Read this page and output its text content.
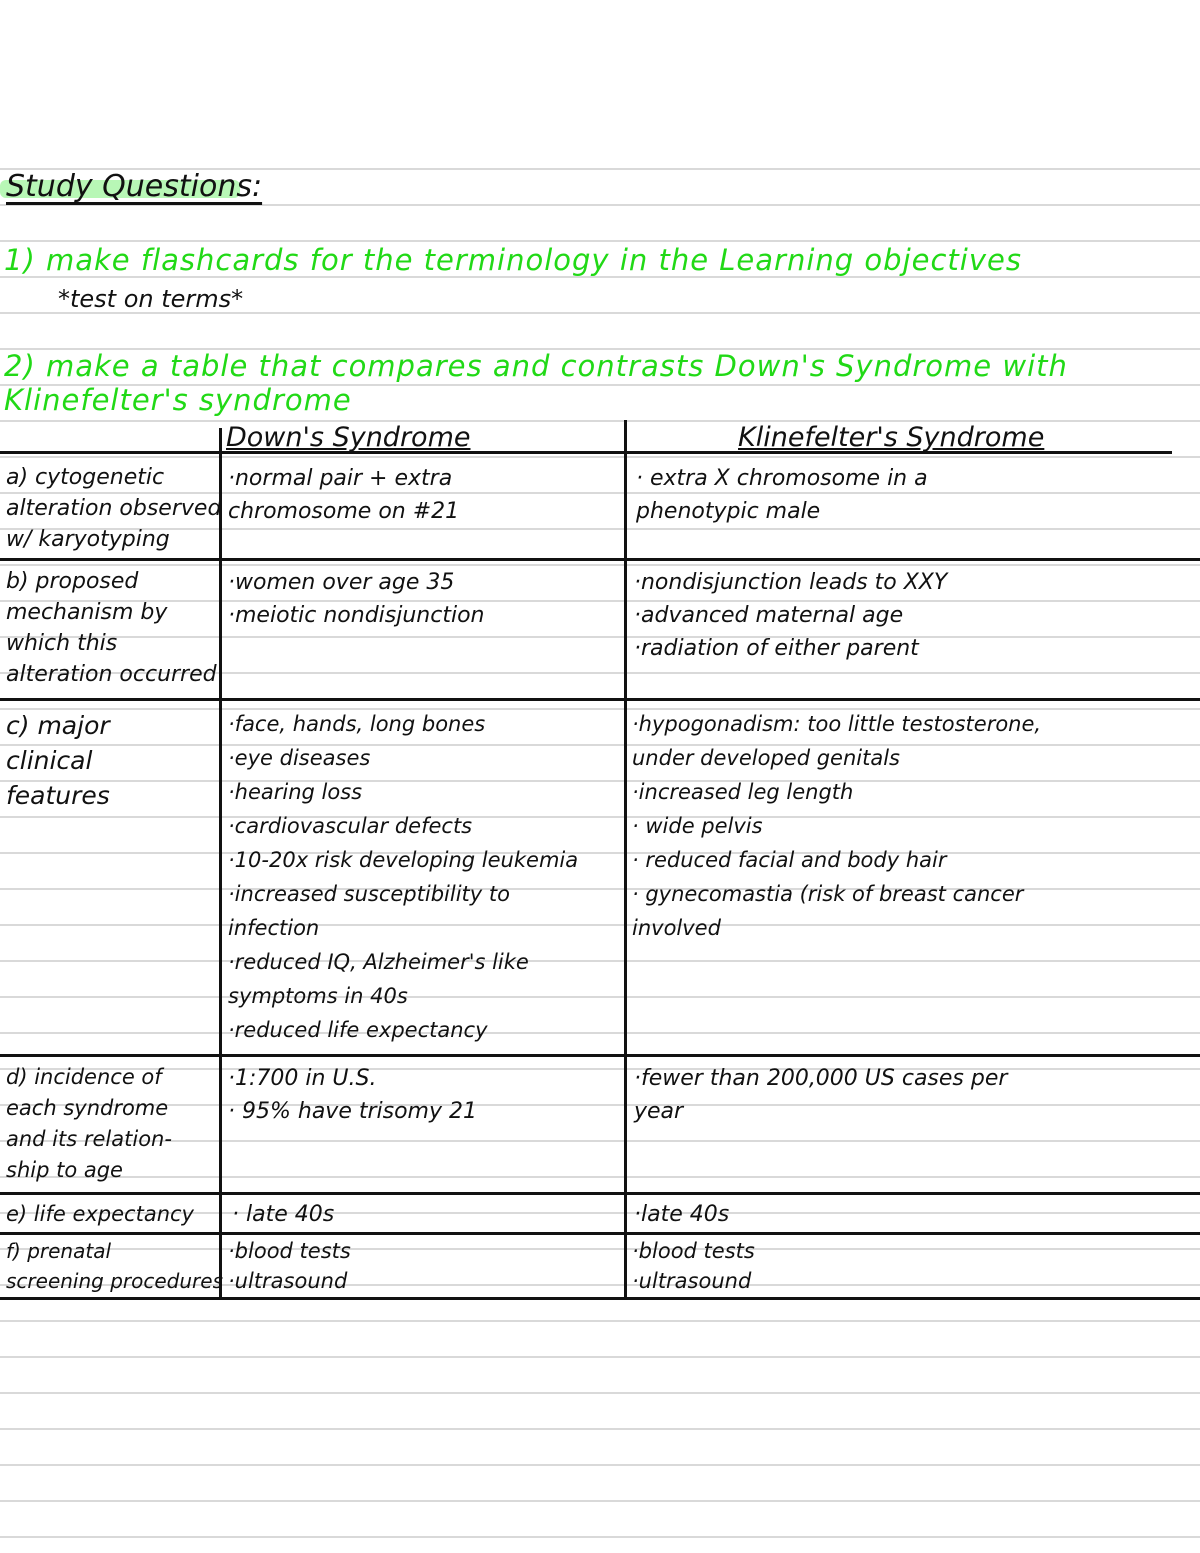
Study Questions:
1) make flashcards for the terminology in the Learning objectives
*test on terms*
2) make a table that compares and contrasts Down's Syndrome with
Klinefelter's syndrome
Down's Syndrome	Klinefelter's Syndrome
a) cytogenetic
alteration observed
w/ karyotyping
·normal pair + extra
chromosome on #21
· extra X chromosome in a
phenotypic male
b) proposed
mechanism by
which this
alteration occurred
·women over age 35
·meiotic nondisjunction
·nondisjunction leads to XXY
·advanced maternal age
·radiation of either parent
c) major
clinical
features
·face, hands, long bones
·eye diseases
·hearing loss
·cardiovascular defects
·10-20x risk developing leukemia
·increased susceptibility to
infection
·reduced IQ, Alzheimer's like
symptoms in 40s
·reduced life expectancy
·hypogonadism: too little testosterone,
under developed genitals
·increased leg length
· wide pelvis
· reduced facial and body hair
· gynecomastia (risk of breast cancer
involved
d) incidence of
each syndrome
and its relation-
ship to age
·1:700 in U.S.
· 95% have trisomy 21
·fewer than 200,000 US cases per
year
e) life expectancy · late 40s	·late 40s
f) prenatal
screening procedures
·blood tests
·ultrasound
·blood tests
·ultrasound
